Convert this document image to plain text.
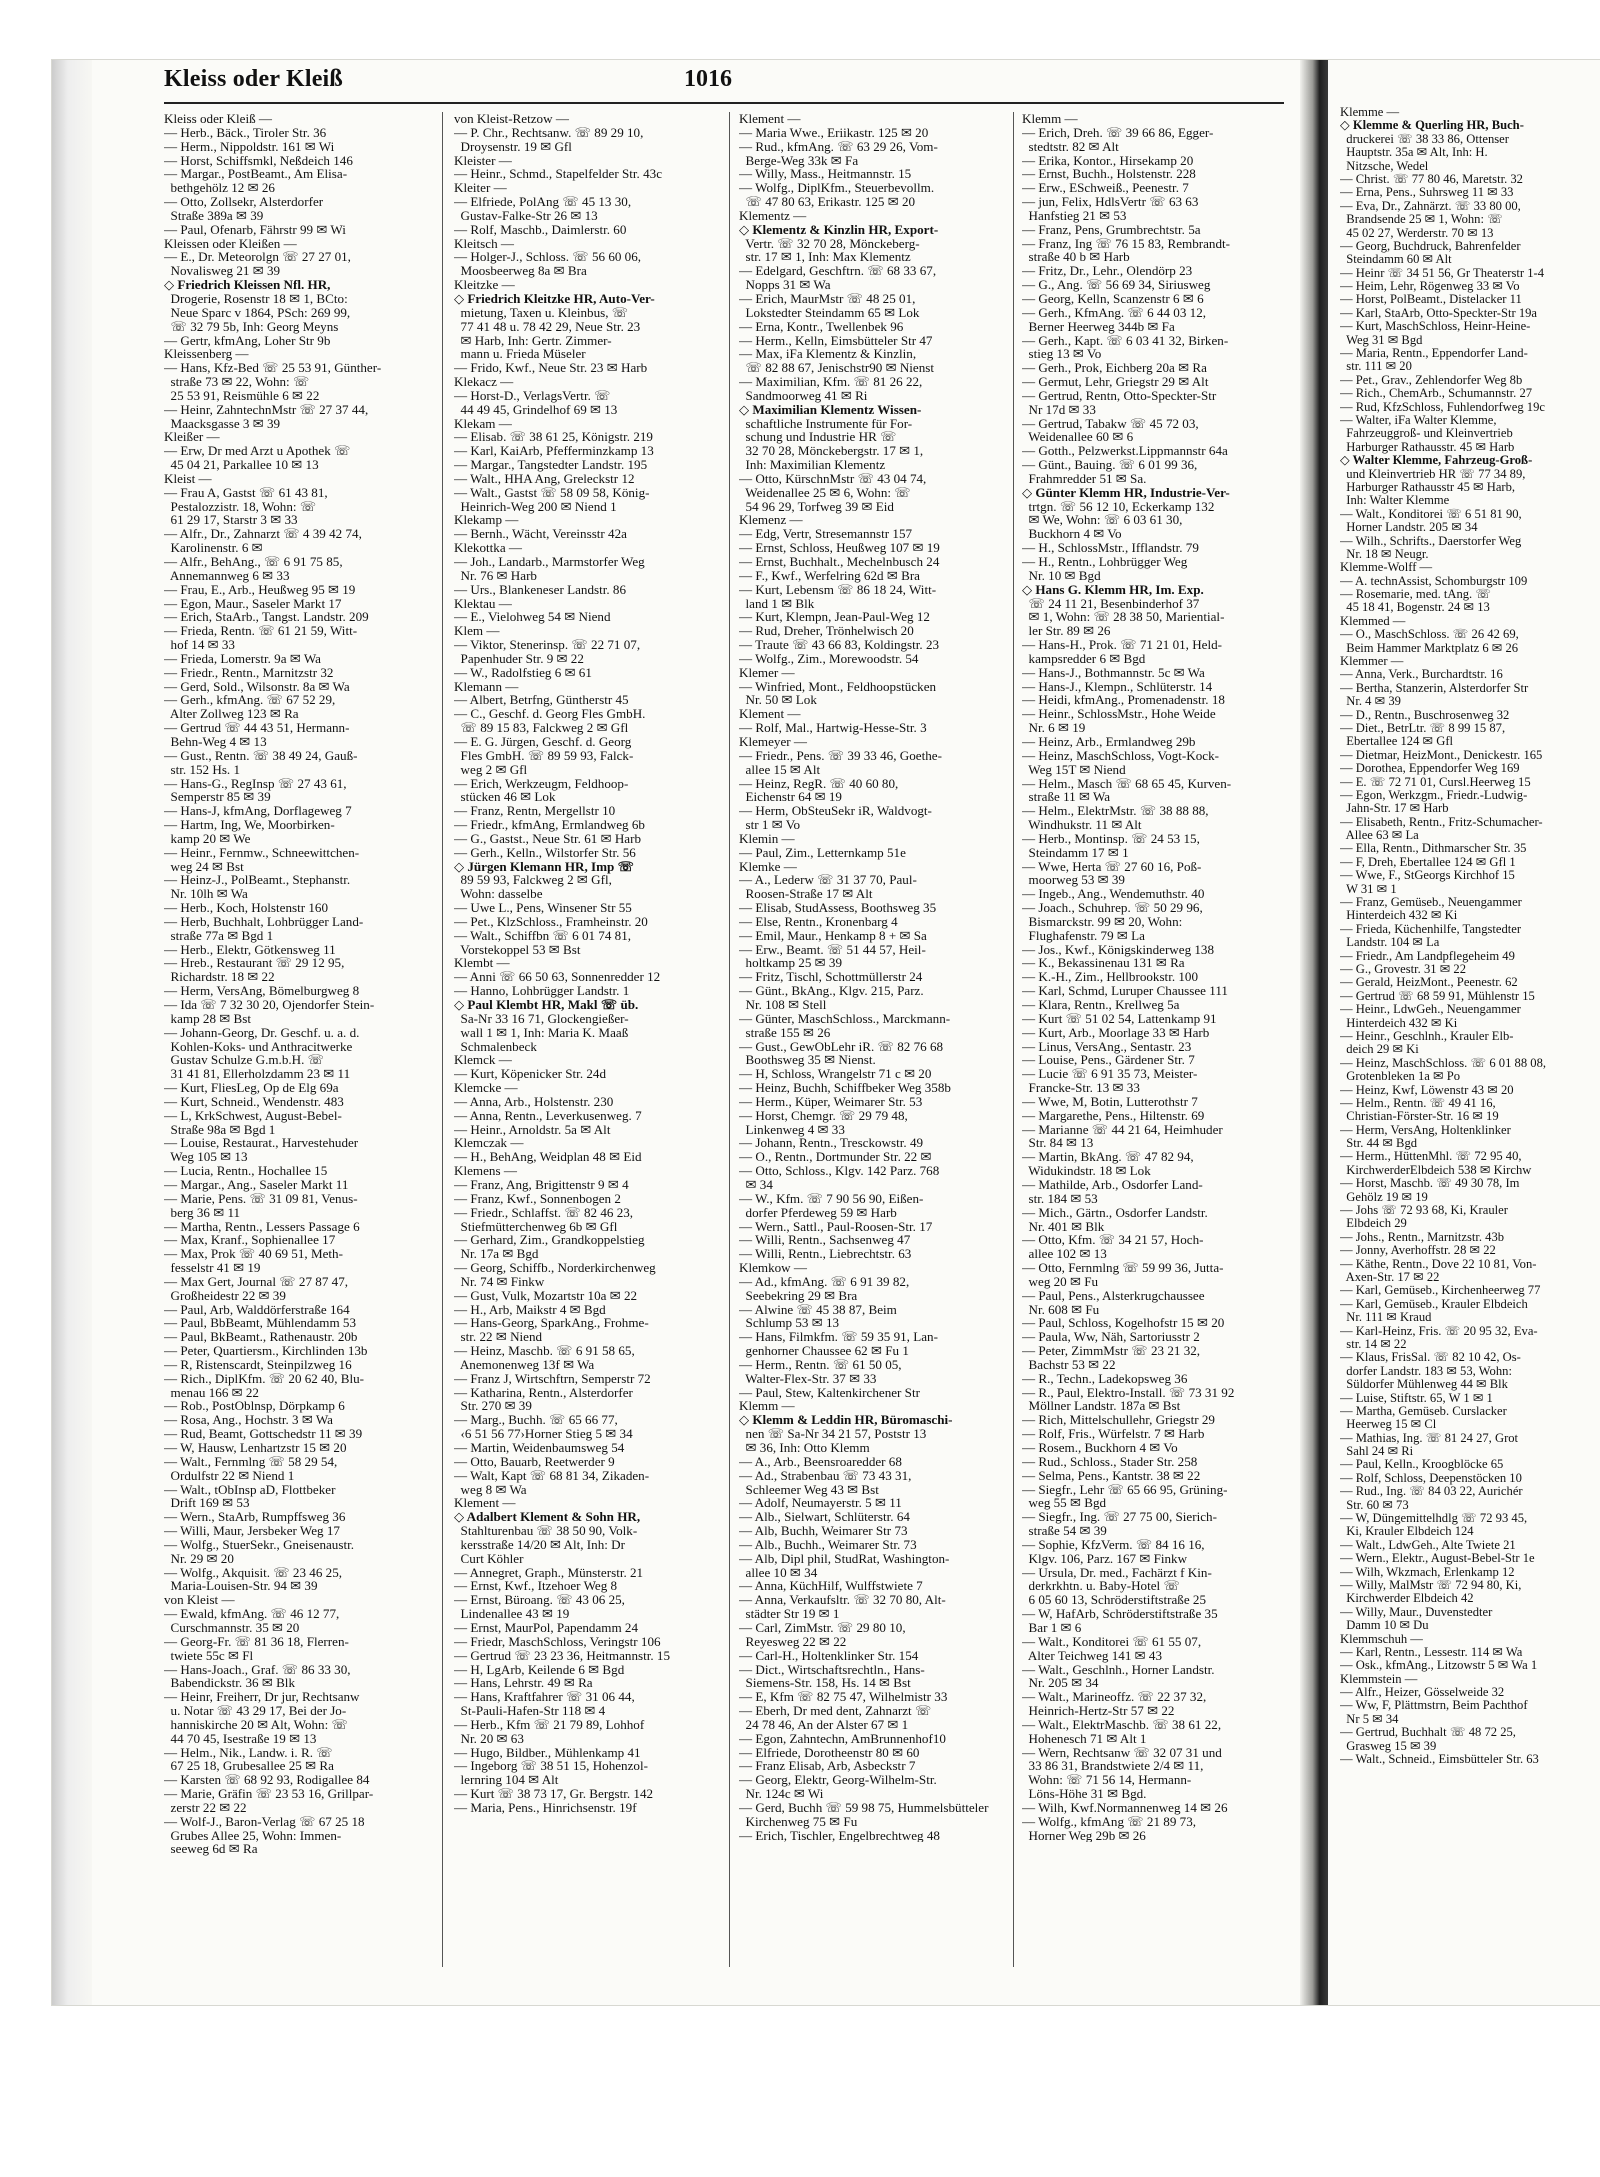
Kleiss oder Kleiß	1016
Kleiss oder Kleiß —
— Herb., Bäck., Tiroler Str. 36
— Herm., Nippoldstr. 161 ✉ Wi
— Horst, Schiffsmkl, Neßdeich 146
— Margar., PostBeamt., Am Elisa-
bethgehölz 12 ✉ 26
— Otto, Zollsekr, Alsterdorfer
Straße 389a ✉ 39
— Paul, Ofenarb, Fährstr 99 ✉ Wi
Kleissen oder Kleißen —
— E., Dr. Meteorolgn ☏ 27 27 01,
Novalisweg 21 ✉ 39
◇ Friedrich Kleissen Nfl. HR,
Drogerie, Rosenstr 18 ✉ 1, BCto:
Neue Sparc v 1864, PSch: 269 99,
☏ 32 79 5b, Inh: Georg Meyns
— Gertr, kfmAng, Loher Str 9b
Kleissenberg —
— Hans, Kfz-Bed ☏ 25 53 91, Günther-
straße 73 ✉ 22, Wohn: ☏
25 53 91, Reismühle 6 ✉ 22
— Heinr, ZahntechnMstr ☏ 27 37 44,
Maacksgasse 3 ✉ 39
Kleißer —
— Erw, Dr med Arzt u Apothek ☏
45 04 21, Parkallee 10 ✉ 13
Kleist —
— Frau A, Gastst ☏ 61 43 81,
Pestalozzistr. 18, Wohn: ☏
61 29 17, Starstr 3 ✉ 33
— Alfr., Dr., Zahnarzt ☏ 4 39 42 74,
Karolinenstr. 6 ✉
— Alfr., BehAng., ☏ 6 91 75 85,
Annemannweg 6 ✉ 33
— Frau, E., Arb., Heußweg 95 ✉ 19
— Egon, Maur., Saseler Markt 17
— Erich, StaArb., Tangst. Landstr. 209
— Frieda, Rentn. ☏ 61 21 59, Witt-
hof 14 ✉ 33
— Frieda, Lomerstr. 9a ✉ Wa
— Friedr., Rentn., Marnitzstr 32
— Gerd, Sold., Wilsonstr. 8a ✉ Wa
— Gerh., kfmAng. ☏ 67 52 29,
Alter Zollweg 123 ✉ Ra
— Gertrud ☏ 44 43 51, Hermann-
Behn-Weg 4 ✉ 13
— Gust., Rentn. ☏ 38 49 24, Gauß-
str. 152 Hs. 1
— Hans-G., RegInsp ☏ 27 43 61,
Semperstr 85 ✉ 39
— Hans-J, kfmAng, Dorflageweg 7
— Hartm, Ing, We, Moorbirken-
kamp 20 ✉ We
— Heinr., Fernmw., Schneewittchen-
weg 24 ✉ Bst
— Heinz-J., PolBeamt., Stephanstr.
Nr. 10lh ✉ Wa
— Herb., Koch, Holstenstr 160
— Herb, Buchhalt, Lohbrügger Land-
straße 77a ✉ Bgd 1
— Herb., Elektr, Götkensweg 11
— Hreb., Restaurant ☏ 29 12 95,
Richardstr. 18 ✉ 22
— Herm, VersAng, Bömelburgweg 8
— Ida ☏ 7 32 30 20, Ojendorfer Stein-
kamp 28 ✉ Bst
— Johann-Georg, Dr. Geschf. u. a. d.
Kohlen-Koks- und Anthracitwerke
Gustav Schulze G.m.b.H. ☏
31 41 81, Ellerholzdamm 23 ✉ 11
— Kurt, FliesLeg, Op de Elg 69a
— Kurt, Schneid., Wendenstr. 483
— L, KrkSchwest, August-Bebel-
Straße 98a ✉ Bgd 1
— Louise, Restaurat., Harvestehuder
Weg 105 ✉ 13
— Lucia, Rentn., Hochallee 15
— Margar., Ang., Saseler Markt 11
— Marie, Pens. ☏ 31 09 81, Venus-
berg 36 ✉ 11
— Martha, Rentn., Lessers Passage 6
— Max, Kranf., Sophienallee 17
— Max, Prok ☏ 40 69 51, Meth-
fesselstr 41 ✉ 19
— Max Gert, Journal ☏ 27 87 47,
Großheidestr 22 ✉ 39
— Paul, Arb, Walddörferstraße 164
— Paul, BbBeamt, Mühlendamm 53
— Paul, BkBeamt., Rathenaustr. 20b
— Peter, Quartiersm., Kirchlinden 13b
— R, Ristenscardt, Steinpilzweg 16
— Rich., DiplKfm. ☏ 20 62 40, Blu-
menau 166 ✉ 22
— Rob., PostOblnsp, Dörpkamp 6
— Rosa, Ang., Hochstr. 3 ✉ Wa
— Rud, Beamt, Gottschedstr 11 ✉ 39
— W, Hausw, Lenhartzstr 15 ✉ 20
— Walt., Fernmlng ☏ 58 29 54,
Ordulfstr 22 ✉ Niend 1
— Walt., tObInsp aD, Flottbeker
Drift 169 ✉ 53
— Wern., StaArb, Rumpffsweg 36
— Willi, Maur, Jersbeker Weg 17
— Wolfg., StuerSekr., Gneisenaustr.
Nr. 29 ✉ 20
— Wolfg., Akquisit. ☏ 23 46 25,
Maria-Louisen-Str. 94 ✉ 39
von Kleist —
— Ewald, kfmAng. ☏ 46 12 77,
Curschmannstr. 35 ✉ 20
— Georg-Fr. ☏ 81 36 18, Flerren-
twiete 55c ✉ Fl
— Hans-Joach., Graf. ☏ 86 33 30,
Babendickstr. 36 ✉ Blk
— Heinr, Freiherr, Dr jur, Rechtsanw
u. Notar ☏ 43 29 17, Bei der Jo-
hanniskirche 20 ✉ Alt, Wohn: ☏
44 70 45, Isestraße 19 ✉ 13
— Helm., Nik., Landw. i. R. ☏
67 25 18, Grubesallee 25 ✉ Ra
— Karsten ☏ 68 92 93, Rodigallee 84
— Marie, Gräfin ☏ 23 53 16, Grillpar-
zerstr 22 ✉ 22
— Wolf-J., Baron-Verlag ☏ 67 25 18
Grubes Allee 25, Wohn: Immen-
seeweg 6d ✉ Ra
von Kleist-Retzow —
— P. Chr., Rechtsanw. ☏ 89 29 10,
Droysenstr. 19 ✉ Gfl
Kleister —
— Heinr., Schmd., Stapelfelder Str. 43c
Kleiter —
— Elfriede, PolAng ☏ 45 13 30,
Gustav-Falke-Str 26 ✉ 13
— Rolf, Maschb., Daimlerstr. 60
Kleitsch —
— Holger-J., Schloss. ☏ 56 60 06,
Moosbeerweg 8a ✉ Bra
Kleitzke —
◇ Friedrich Kleitzke HR, Auto-Ver-
mietung, Taxen u. Kleinbus, ☏
77 41 48 u. 78 42 29, Neue Str. 23
✉ Harb, Inh: Gertr. Zimmer-
mann u. Frieda Müseler
— Frido, Kwf., Neue Str. 23 ✉ Harb
Klekacz —
— Horst-D., VerlagsVertr. ☏
44 49 45, Grindelhof 69 ✉ 13
Klekam —
— Elisab. ☏ 38 61 25, Königstr. 219
— Karl, KaiArb, Pfefferminzkamp 13
— Margar., Tangstedter Landstr. 195
— Walt., HHA Ang, Greleckstr 12
— Walt., Gastst ☏ 58 09 58, König-
Heinrich-Weg 200 ✉ Niend 1
Klekamp —
— Bernh., Wächt, Vereinsstr 42a
Klekottka —
— Joh., Landarb., Marmstorfer Weg
Nr. 76 ✉ Harb
— Urs., Blankeneser Landstr. 86
Klektau —
— E., Vielohweg 54 ✉ Niend
Klem —
— Viktor, Stenerinsp. ☏ 22 71 07,
Papenhuder Str. 9 ✉ 22
— W., Radolfstieg 6 ✉ 61
Klemann —
— Albert, Betrfng, Güntherstr 45
— C., Geschf. d. Georg Fles GmbH.
☏ 89 15 83, Falckweg 2 ✉ Gfl
— E. G. Jürgen, Geschf. d. Georg
Fles GmbH. ☏ 89 59 93, Falck-
weg 2 ✉ Gfl
— Erich, Werkzeugm, Feldhoop-
stücken 46 ✉ Lok
— Franz, Rentn, Mergellstr 10
— Friedr., kfmAng, Ermlandweg 6b
— G., Gastst., Neue Str. 61 ✉ Harb
— Gerh., Kelln., Wilstorfer Str. 56
◇ Jürgen Klemann HR, Imp ☏
89 59 93, Falckweg 2 ✉ Gfl,
Wohn: dasselbe
— Uwe L., Pens, Winsener Str 55
— Pet., KlzSchloss., Framheinstr. 20
— Walt., Schiffbn ☏ 6 01 74 81,
Vorstekoppel 53 ✉ Bst
Klembt —
— Anni ☏ 66 50 63, Sonnenredder 12
— Hanno, Lohbrügger Landstr. 1
◇ Paul Klembt HR, Makl ☏ üb.
Sa-Nr 33 16 71, Glockengießer-
wall 1 ✉ 1, Inh: Maria K. Maaß
Schmalenbeck
Klemck —
— Kurt, Köpenicker Str. 24d
Klemcke —
— Anna, Arb., Holstenstr. 230
— Anna, Rentn., Leverkusenweg. 7
— Heinr., Arnoldstr. 5a ✉ Alt
Klemczak —
— H., BehAng, Weidplan 48 ✉ Eid
Klemens —
— Franz, Ang, Brigittenstr 9 ✉ 4
— Franz, Kwf., Sonnenbogen 2
— Friedr., Schlaffst. ☏ 82 46 23,
Stiefmütterchenweg 6b ✉ Gfl
— Gerhard, Zim., Grandkoppelstieg
Nr. 17a ✉ Bgd
— Georg, Schiffb., Norderkirchenweg
Nr. 74 ✉ Finkw
— Gust, Vulk, Mozartstr 10a ✉ 22
— H., Arb, Maikstr 4 ✉ Bgd
— Hans-Georg, SparkAng., Frohme-
str. 22 ✉ Niend
— Heinz, Maschb. ☏ 6 91 58 65,
Anemonenweg 13f ✉ Wa
— Franz J, Wirtschftrn, Semperstr 72
— Katharina, Rentn., Alsterdorfer
Str. 270 ✉ 39
— Marg., Buchh. ☏ 65 66 77,
‹6 51 56 77›Horner Stieg 5 ✉ 34
— Martin, Weidenbaumsweg 54
— Otto, Bauarb, Reetwerder 9
— Walt, Kapt ☏ 68 81 34, Zikaden-
weg 8 ✉ Wa
Klement —
◇ Adalbert Klement & Sohn HR,
Stahlturenbau ☏ 38 50 90, Volk-
kersstraße 14/20 ✉ Alt, Inh: Dr
Curt Köhler
— Annegret, Graph., Münsterstr. 21
— Ernst, Kwf., Itzehoer Weg 8
— Ernst, Büroang. ☏ 43 06 25,
Lindenallee 43 ✉ 19
— Ernst, MaurPol, Papendamm 24
— Friedr, MaschSchloss, Veringstr 106
— Gertrud ☏ 23 23 36, Heitmannstr. 15
— H, LgArb, Keilende 6 ✉ Bgd
— Hans, Lehrstr. 49 ✉ Ra
— Hans, Kraftfahrer ☏ 31 06 44,
St-Pauli-Hafen-Str 118 ✉ 4
— Herb., Kfm ☏ 21 79 89, Lohhof
Nr. 20 ✉ 63
— Hugo, Bildber., Mühlenkamp 41
— Ingeborg ☏ 38 51 15, Hohenzol-
lernring 104 ✉ Alt
— Kurt ☏ 38 73 17, Gr. Bergstr. 142
— Maria, Pens., Hinrichsenstr. 19f
Klement —
— Maria Wwe., Eriikastr. 125 ✉ 20
— Rud., kfmAng. ☏ 63 29 26, Vom-
Berge-Weg 33k ✉ Fa
— Willy, Mass., Heitmannstr. 15
— Wolfg., DiplKfm., Steuerbevollm.
☏ 47 80 63, Erikastr. 125 ✉ 20
Klementz —
◇ Klementz & Kinzlin HR, Export-
Vertr. ☏ 32 70 28, Mönckeberg-
str. 17 ✉ 1, Inh: Max Klementz
— Edelgard, Geschftrn. ☏ 68 33 67,
Nopps 31 ✉ Wa
— Erich, MaurMstr ☏ 48 25 01,
Lokstedter Steindamm 65 ✉ Lok
— Erna, Kontr., Twellenbek 96
— Herm., Kelln, Eimsbütteler Str 47
— Max, iFa Klementz & Kinzlin,
☏ 82 88 67, Jenischstr90 ✉ Nienst
— Maximilian, Kfm. ☏ 81 26 22,
Sandmoorweg 41 ✉ Ri
◇ Maximilian Klementz Wissen-
schaftliche Instrumente für For-
schung und Industrie HR ☏
32 70 28, Mönckebergstr. 17 ✉ 1,
Inh: Maximilian Klementz
— Otto, KürschnMstr ☏ 43 04 74,
Weidenallee 25 ✉ 6, Wohn: ☏
54 96 29, Torfweg 39 ✉ Eid
Klemenz —
— Edg, Vertr, Stresemannstr 157
— Ernst, Schloss, Heußweg 107 ✉ 19
— Ernst, Buchhalt., Mechelnbusch 24
— F., Kwf., Werfelring 62d ✉ Bra
— Kurt, Lebensm ☏ 86 18 24, Witt-
land 1 ✉ Blk
— Kurt, Klempn, Jean-Paul-Weg 12
— Rud, Dreher, Trönhelwisch 20
— Traute ☏ 43 66 83, Koldingstr. 23
— Wolfg., Zim., Morewoodstr. 54
Klemer —
— Winfried, Mont., Feldhoopstücken
Nr. 50 ✉ Lok
Klement —
— Rolf, Mal., Hartwig-Hesse-Str. 3
Klemeyer —
— Friedr., Pens. ☏ 39 33 46, Goethe-
allee 15 ✉ Alt
— Heinz, RegR. ☏ 40 60 80,
Eichenstr 64 ✉ 19
— Herm, ObSteuSekr iR, Waldvogt-
str 1 ✉ Vo
Klemin —
— Paul, Zim., Letternkamp 51e
Klemke —
— A., Lederw ☏ 31 37 70, Paul-
Roosen-Straße 17 ✉ Alt
— Elisab, StudAssess, Boothsweg 35
— Else, Rentn., Kronenbarg 4
— Emil, Maur., Henkamp 8 + ✉ Sa
— Erw., Beamt. ☏ 51 44 57, Heil-
holtkamp 25 ✉ 39
— Fritz, Tischl, Schottmüllerstr 24
— Günt., BkAng., Klgv. 215, Parz.
Nr. 108 ✉ Stell
— Günter, MaschSchloss., Marckmann-
straße 155 ✉ 26
— Gust., GewObLehr iR. ☏ 82 76 68
Boothsweg 35 ✉ Nienst.
— H, Schloss, Wrangelstr 71 c ✉ 20
— Heinz, Buchh, Schiffbeker Weg 358b
— Herm., Küper, Weimarer Str. 53
— Horst, Chemgr. ☏ 29 79 48,
Linkenweg 4 ✉ 33
— Johann, Rentn., Tresckowstr. 49
— O., Rentn., Dortmunder Str. 22 ✉
— Otto, Schloss., Klgv. 142 Parz. 768
✉ 34
— W., Kfm. ☏ 7 90 56 90, Eißen-
dorfer Pferdeweg 59 ✉ Harb
— Wern., Sattl., Paul-Roosen-Str. 17
— Willi, Rentn., Sachsenweg 47
— Willi, Rentn., Liebrechtstr. 63
Klemkow —
— Ad., kfmAng. ☏ 6 91 39 82,
Seebekring 29 ✉ Bra
— Alwine ☏ 45 38 87, Beim
Schlump 53 ✉ 13
— Hans, Filmkfm. ☏ 59 35 91, Lan-
genhorner Chaussee 62 ✉ Fu 1
— Herm., Rentn. ☏ 61 50 05,
Walter-Flex-Str. 37 ✉ 33
— Paul, Stew, Kaltenkirchener Str
Klemm —
◇ Klemm & Leddin HR, Büromaschi-
nen ☏ Sa-Nr 34 21 57, Poststr 13
✉ 36, Inh: Otto Klemm
— A., Arb., Beensroaredder 68
— Ad., Strabenbau ☏ 73 43 31,
Schleemer Weg 43 ✉ Bst
— Adolf, Neumayerstr. 5 ✉ 11
— Alb., Sielwart, Schlüterstr. 64
— Alb, Buchh, Weimarer Str 73
— Alb., Buchh., Weimarer Str. 73
— Alb, Dipl phil, StudRat, Washington-
allee 10 ✉ 34
— Anna, KüchHilf, Wulffstwiete 7
— Anna, Verkaufsltr. ☏ 32 70 80, Alt-
städter Str 19 ✉ 1
— Carl, ZimMstr. ☏ 29 80 10,
Reyesweg 22 ✉ 22
— Carl-H., Holtenklinker Str. 154
— Dict., Wirtschaftsrechtln., Hans-
Siemens-Str. 158, Hs. 14 ✉ Bst
— E, Kfm ☏ 82 75 47, Wilhelmistr 33
— Eberh, Dr med dent, Zahnarzt ☏
24 78 46, An der Alster 67 ✉ 1
— Egon, Zahntechn, AmBrunnenhof10
— Elfriede, Dorotheenstr 80 ✉ 60
— Franz Elisab, Arb, Asbeckstr 7
— Georg, Elektr, Georg-Wilhelm-Str.
Nr. 124c ✉ Wi
— Gerd, Buchh ☏ 59 98 75, Hummelsbütteler
Kirchenweg 75 ✉ Fu
— Erich, Tischler, Engelbrechtweg 48
Klemm —
— Erich, Dreh. ☏ 39 66 86, Egger-
stedtstr. 82 ✉ Alt
— Erika, Kontor., Hirsekamp 20
— Ernst, Buchh., Holstenstr. 228
— Erw., ESchweiß., Peenestr. 7
— jun, Felix, HdlsVertr ☏ 63 63
Hanfstieg 21 ✉ 53
— Franz, Pens, Grumbrechtstr. 5a
— Franz, Ing ☏ 76 15 83, Rembrandt-
straße 40 b ✉ Harb
— Fritz, Dr., Lehr., Olendörp 23
— G., Ang. ☏ 56 69 34, Siriusweg
— Georg, Kelln, Scanzenstr 6 ✉ 6
— Gerh., KfmAng. ☏ 6 44 03 12,
Berner Heerweg 344b ✉ Fa
— Gerh., Kapt. ☏ 6 03 41 32, Birken-
stieg 13 ✉ Vo
— Gerh., Prok, Eichberg 20a ✉ Ra
— Germut, Lehr, Griegstr 29 ✉ Alt
— Gertrud, Rentn, Otto-Speckter-Str
Nr 17d ✉ 33
— Gertrud, Tabakw ☏ 45 72 03,
Weidenallee 60 ✉ 6
— Gotth., Pelzwerkst.Lippmannstr 64a
— Günt., Bauing. ☏ 6 01 99 36,
Frahmredder 51 ✉ Sa.
◇ Günter Klemm HR, Industrie-Ver-
trtgn. ☏ 56 12 10, Eckerkamp 132
✉ We, Wohn: ☏ 6 03 61 30,
Buckhorn 4 ✉ Vo
— H., SchlossMstr., Ifflandstr. 79
— H., Rentn., Lohbrügger Weg
Nr. 10 ✉ Bgd
◇ Hans G. Klemm HR, Im. Exp.
☏ 24 11 21, Besenbinderhof 37
✉ 1, Wohn: ☏ 28 38 50, Mariential-
ler Str. 89 ✉ 26
— Hans-H., Prok. ☏ 71 21 01, Held-
kampsredder 6 ✉ Bgd
— Hans-J., Bothmannstr. 5c ✉ Wa
— Hans-J., Klempn., Schlüterstr. 14
— Heidi, kfmAng., Promenadenstr. 18
— Heinr., SchlossMstr., Hohe Weide
Nr. 6 ✉ 19
— Heinz, Arb., Ermlandweg 29b
— Heinz, MaschSchloss, Vogt-Kock-
Weg 15T ✉ Niend
— Helm., Masch ☏ 68 65 45, Kurven-
straße 11 ✉ Wa
— Helm., ElektrMstr. ☏ 38 88 88,
Windhukstr. 11 ✉ Alt
— Herb., Montinsp. ☏ 24 53 15,
Steindamm 17 ✉ 1
— Wwe, Herta ☏ 27 60 16, Poß-
moorweg 53 ✉ 39
— Ingeb., Ang., Wendemuthstr. 40
— Joach., Schuhrep. ☏ 50 29 96,
Bismarckstr. 99 ✉ 20, Wohn:
Flughafenstr. 79 ✉ La
— Jos., Kwf., Königskinderweg 138
— K., Bekassinenau 131 ✉ Ra
— K.-H., Zim., Hellbrookstr. 100
— Karl, Schmd, Luruper Chaussee 111
— Klara, Rentn., Krellweg 5a
— Kurt ☏ 51 02 54, Lattenkamp 91
— Kurt, Arb., Moorlage 33 ✉ Harb
— Linus, VersAng., Sentastr. 23
— Louise, Pens., Gärdener Str. 7
— Lucie ☏ 6 91 35 73, Meister-
Francke-Str. 13 ✉ 33
— Wwe, M, Botin, Lutterothstr 7
— Margarethe, Pens., Hiltenstr. 69
— Marianne ☏ 44 21 64, Heimhuder
Str. 84 ✉ 13
— Martin, BkAng. ☏ 47 82 94,
Widukindstr. 18 ✉ Lok
— Mathilde, Arb., Osdorfer Land-
str. 184 ✉ 53
— Mich., Gärtn., Osdorfer Landstr.
Nr. 401 ✉ Blk
— Otto, Kfm. ☏ 34 21 57, Hoch-
allee 102 ✉ 13
— Otto, Fernmlng ☏ 59 99 36, Jutta-
weg 20 ✉ Fu
— Paul, Pens., Alsterkrugchaussee
Nr. 608 ✉ Fu
— Paul, Schloss, Kogelhofstr 15 ✉ 20
— Paula, Ww, Näh, Sartoriusstr 2
— Peter, ZimmMstr ☏ 23 21 32,
Bachstr 53 ✉ 22
— R., Techn., Ladekopsweg 36
— R., Paul, Elektro-Install. ☏ 73 31 92
Möllner Landstr. 187a ✉ Bst
— Rich, Mittelschullehr, Griegstr 29
— Rolf, Fris., Würfelstr. 7 ✉ Harb
— Rosem., Buckhorn 4 ✉ Vo
— Rud., Schloss., Stader Str. 258
— Selma, Pens., Kantstr. 38 ✉ 22
— Siegfr., Lehr ☏ 65 66 95, Grüning-
weg 55 ✉ Bgd
— Siegfr., Ing. ☏ 27 75 00, Sierich-
straße 54 ✉ 39
— Sophie, KfzVerm. ☏ 84 16 16,
Klgv. 106, Parz. 167 ✉ Finkw
— Ursula, Dr. med., Fachärzt f Kin-
derkrkhtn. u. Baby-Hotel ☏
6 05 60 13, Schröderstiftstraße 25
— W, HafArb, Schröderstiftstraße 35
Bar 1 ✉ 6
— Walt., Konditorei ☏ 61 55 07,
Alter Teichweg 141 ✉ 43
— Walt., Geschlnh., Horner Landstr.
Nr. 205 ✉ 34
— Walt., Marineoffz. ☏ 22 37 32,
Heinrich-Hertz-Str 57 ✉ 22
— Walt., ElektrMaschb. ☏ 38 61 22,
Hohenesch 71 ✉ Alt 1
— Wern, Rechtsanw ☏ 32 07 31 und
33 86 31, Brandstwiete 2/4 ✉ 11,
Wohn: ☏ 71 56 14, Hermann-
Löns-Höhe 31 ✉ Bgd.
— Wilh, Kwf.Normannenweg 14 ✉ 26
— Wolfg., kfmAng ☏ 21 89 73,
Horner Weg 29b ✉ 26
Klemme —
◇ Klemme & Querling HR, Buch-
druckerei ☏ 38 33 86, Ottenser
Hauptstr. 35a ✉ Alt, Inh: H.
Nitzsche, Wedel
— Christ. ☏ 77 80 46, Maretstr. 32
— Erna, Pens., Suhrsweg 11 ✉ 33
— Eva, Dr., Zahnärzt. ☏ 33 80 00,
Brandsende 25 ✉ 1, Wohn: ☏
45 02 27, Werderstr. 70 ✉ 13
— Georg, Buchdruck, Bahrenfelder
Steindamm 60 ✉ Alt
— Heinr ☏ 34 51 56, Gr Theaterstr 1-4
— Heim, Lehr, Rögenweg 33 ✉ Vo
— Horst, PolBeamt., Distelacker 11
— Karl, StaArb, Otto-Speckter-Str 19a
— Kurt, MaschSchloss, Heinr-Heine-
Weg 31 ✉ Bgd
— Maria, Rentn., Eppendorfer Land-
str. 111 ✉ 20
— Pet., Grav., Zehlendorfer Weg 8b
— Rich., ChemArb., Schumannstr. 27
— Rud, KfzSchloss, Fuhlendorfweg 19c
— Walter, iFa Walter Klemme,
Fahrzeuggroß- und Kleinvertrieb
Harburger Rathausstr. 45 ✉ Harb
◇ Walter Klemme, Fahrzeug-Groß-
und Kleinvertrieb HR ☏ 77 34 89,
Harburger Rathausstr 45 ✉ Harb,
Inh: Walter Klemme
— Walt., Konditorei ☏ 6 51 81 90,
Horner Landstr. 205 ✉ 34
— Wilh., Schrifts., Daerstorfer Weg
Nr. 18 ✉ Neugr.
Klemme-Wolff —
— A. technAssist, Schomburgstr 109
— Rosemarie, med. tAng. ☏
45 18 41, Bogenstr. 24 ✉ 13
Klemmed —
— O., MaschSchloss. ☏ 26 42 69,
Beim Hammer Marktplatz 6 ✉ 26
Klemmer —
— Anna, Verk., Burchardtstr. 16
— Bertha, Stanzerin, Alsterdorfer Str
Nr. 4 ✉ 39
— D., Rentn., Buschrosenweg 32
— Diet., BetrLtr. ☏ 8 99 15 87,
Ebertallee 124 ✉ Gfl
— Dietmar, HeizMont., Denickestr. 165
— Dorothea, Eppendorfer Weg 169
— E. ☏ 72 71 01, Cursl.Heerweg 15
— Egon, Werkzgm., Friedr.-Ludwig-
Jahn-Str. 17 ✉ Harb
— Elisabeth, Rentn., Fritz-Schumacher-
Allee 63 ✉ La
— Ella, Rentn., Dithmarscher Str. 35
— F, Dreh, Ebertallee 124 ✉ Gfl 1
— Wwe, F., StGeorgs Kirchhof 15
W 31 ✉ 1
— Franz, Gemüseb., Neuengammer
Hinterdeich 432 ✉ Ki
— Frieda, Küchenhilfe, Tangstedter
Landstr. 104 ✉ La
— Friedr., Am Landpflegeheim 49
— G., Grovestr. 31 ✉ 22
— Gerald, HeizMont., Peenestr. 62
— Gertrud ☏ 68 59 91, Mühlenstr 15
— Heinr., LdwGeh., Neuengammer
Hinterdeich 432 ✉ Ki
— Heinr., Geschlnh., Krauler Elb-
deich 29 ✉ Ki
— Heinz, MaschSchloss. ☏ 6 01 88 08,
Grotenbleken 1a ✉ Po
— Heinz, Kwf, Löwenstr 43 ✉ 20
— Helm., Rentn. ☏ 49 41 16,
Christian-Förster-Str. 16 ✉ 19
— Herm, VersAng, Holtenklinker
Str. 44 ✉ Bgd
— Herm., HüttenMhl. ☏ 72 95 40,
KirchwerderElbdeich 538 ✉ Kirchw
— Horst, Maschb. ☏ 49 30 78, Im
Gehölz 19 ✉ 19
— Johs ☏ 72 93 68, Ki, Krauler
Elbdeich 29
— Johs., Rentn., Marnitzstr. 43b
— Jonny, Averhoffstr. 28 ✉ 22
— Käthe, Rentn., Dove 22 10 81, Von-
Axen-Str. 17 ✉ 22
— Karl, Gemüseb., Kirchenheerweg 77
— Karl, Gemüseb., Krauler Elbdeich
Nr. 111 ✉ Kraud
— Karl-Heinz, Fris. ☏ 20 95 32, Eva-
str. 14 ✉ 22
— Klaus, FrisSal. ☏ 82 10 42, Os-
dorfer Landstr. 183 ✉ 53, Wohn:
Süldorfer Mühlenweg 44 ✉ Blk
— Luise, Stiftstr. 65, W 1 ✉ 1
— Martha, Gemüseb. Curslacker
Heerweg 15 ✉ Cl
— Mathias, Ing. ☏ 81 24 27, Grot
Sahl 24 ✉ Ri
— Paul, Kelln., Kroogblöcke 65
— Rolf, Schloss, Deepenstöcken 10
— Rud., Ing. ☏ 84 03 22, Aurichér
Str. 60 ✉ 73
— W, Düngemittelhdlg ☏ 72 93 45,
Ki, Krauler Elbdeich 124
— Walt., LdwGeh., Alte Twiete 21
— Wern., Elektr., August-Bebel-Str 1e
— Wilh, Wkzmach, Erlenkamp 12
— Willy, MalMstr ☏ 72 94 80, Ki,
Kirchwerder Elbdeich 42
— Willy, Maur., Duvenstedter
Damm 10 ✉ Du
Klemmschuh —
— Karl, Rentn., Lessestr. 114 ✉ Wa
— Osk., kfmAng., Litzowstr 5 ✉ Wa 1
Klemmstein —
— Alfr., Heizer, Gösselweide 32
— Ww, F, Plättmstrn, Beim Pachthof
Nr 5 ✉ 34
— Gertrud, Buchhalt ☏ 48 72 25,
Grasweg 15 ✉ 39
— Walt., Schneid., Eimsbütteler Str. 63
